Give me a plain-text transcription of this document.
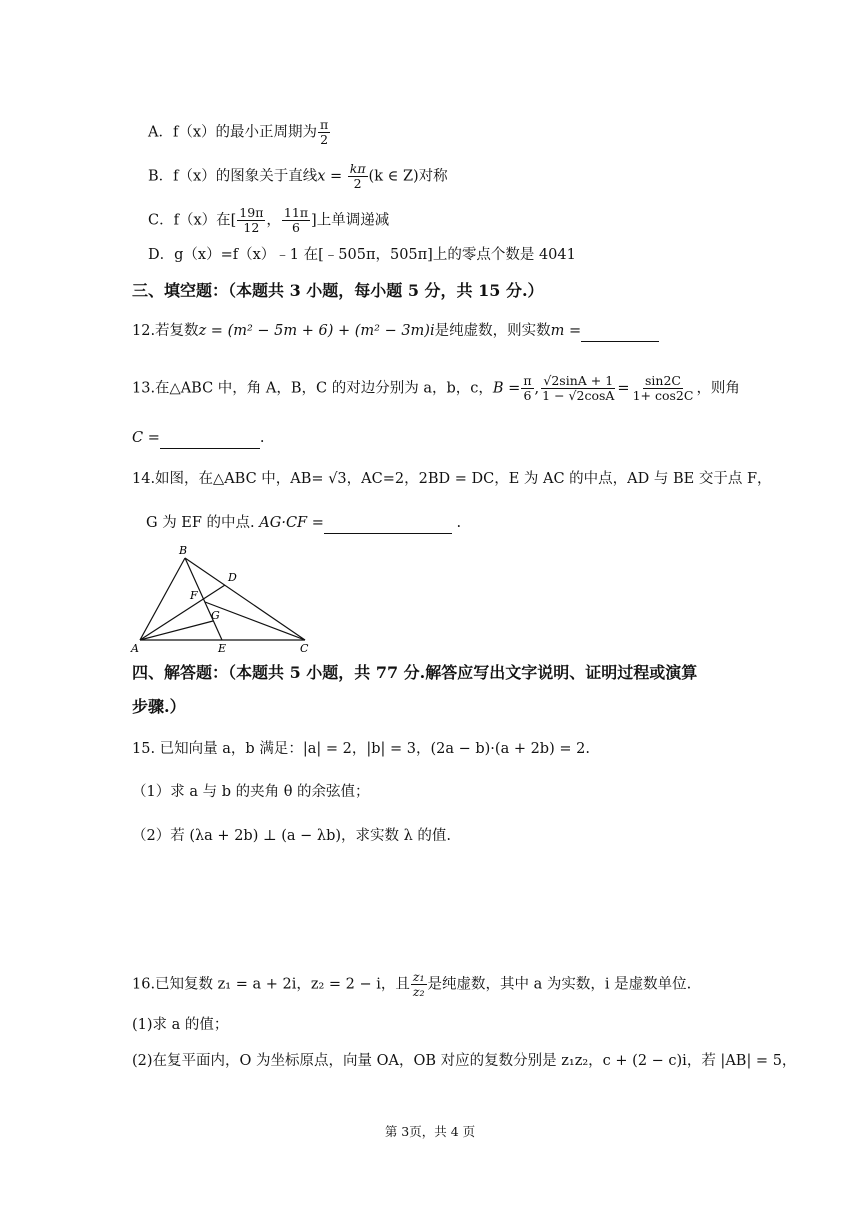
A．f（x）的最小正周期为 $\frac{\pi}{2}$
B．f（x）的图象关于直线$x = \frac{k\pi}{2} (k$ ∈ Z)对称
C．f（x）在[ $\frac{19\pi}{12}$ ， $\frac{11\pi}{6}$ ]上单调递减
D．g（x）=f（x）﹣1 在[﹣505π，505π]上的零点个数是 4041
三、填空题：（本题共 3 小题，每小题 5 分，共 15 分.）
12.若复数z = (m² − 5m + 6) + (m² − 3m)i是纯虚数，则实数m =
13.在△ABC 中，角 A，B，C 的对边分别为 a，b，c，$B = \frac{\pi}{6}$ , $\frac{√2\sin A + 1}{1 - √2\cos A} = \frac{\sin 2C}{1+ \cos 2C}$ ，则角
C =	.
14.如图，在△ABC 中，AB= √3，AC=2，2BD = DC，E 为 AC 的中点，AD 与 BE 交于点 F，
G 为 EF 的中点. AG·CF =	.
B
D
F
G
A	E	C
四、解答题：（本题共 5 小题，共 77 分.解答应写出文字说明、证明过程或演算
步骤.）
15. 已知向量 a，b 满足：|a| = 2，|b| = 3，(2a − b)·(a + 2b) = 2.
（1）求 a 与 b 的夹角 θ 的余弦值；
（2）若 (λa + 2b) ⊥ (a − λb)，求实数 λ 的值.
16.已知复数 z₁ = a + 2i，z₂ = 2 − i，且 $\frac{\text{z₁}}{\text{z₂}}$ 是纯虚数，其中 a 为实数，i 是虚数单位.
(1)求 a 的值；
(2)在复平面内，O 为坐标原点，向量 OA，OB 对应的复数分别是 z₁z₂，c + (2 − c)i，若 |AB| = 5，
第 3页，共 4 页
